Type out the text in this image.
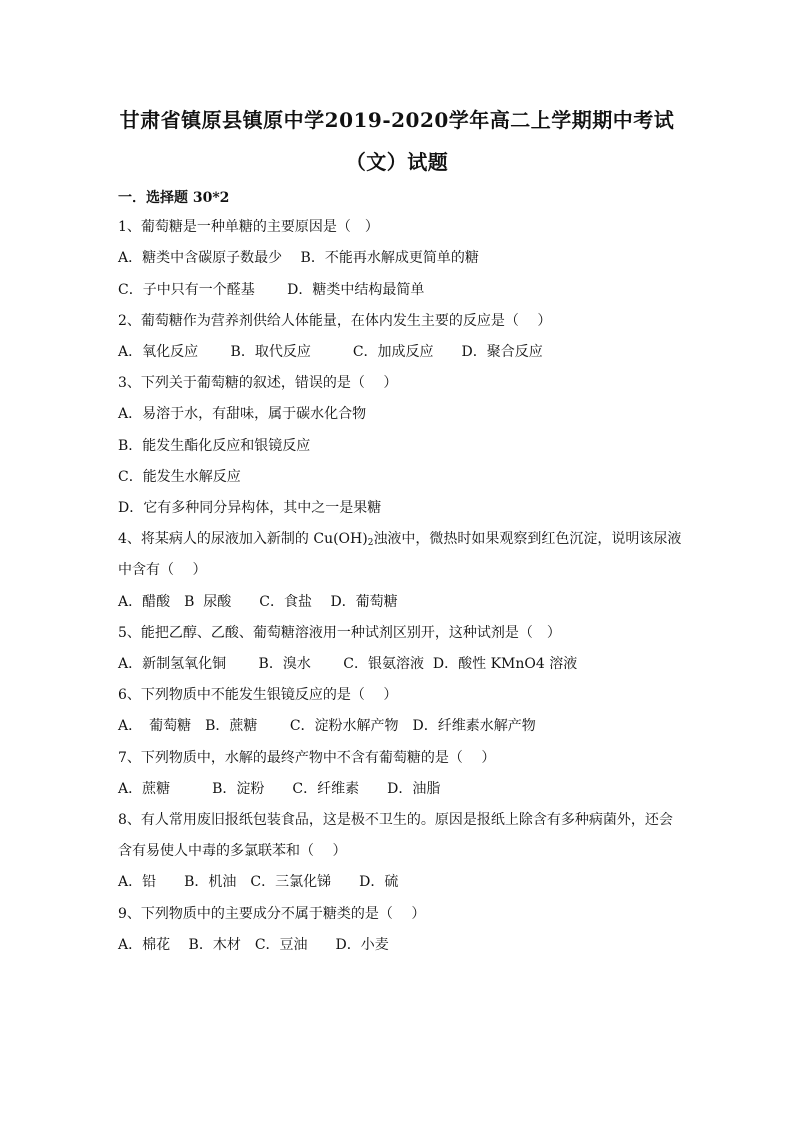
甘肃省镇原县镇原中学2019-2020学年高二上学期期中考试
（文）试题
一．选择题 30*2
1、葡萄糖是一种单糖的主要原因是（　）
A．糖类中含碳原子数最少　 B．不能再水解成更简单的糖
C．子中只有一个醛基　　 D．糖类中结构最简单
2、葡萄糖作为营养剂供给人体能量，在体内发生主要的反应是（　 ）
A．氧化反应　　 B．取代反应　　　C．加成反应　　D．聚合反应
3、下列关于葡萄糖的叙述，错误的是（　 ）
A．易溶于水，有甜味，属于碳水化合物
B．能发生酯化反应和银镜反应
C．能发生水解反应
D．它有多种同分异构体，其中之一是果糖
4、将某病人的尿液加入新制的 $Cu(OH)_2$浊液中，微热时如果观察到红色沉淀，说明该尿液
中含有（　 ）
A．醋酸　B  尿酸　　C．食盐　 D．葡萄糖
5、能把乙醇、乙酸、葡萄糖溶液用一种试剂区别开，这种试剂是（　）
A．新制氢氧化铜　　 B．溴水　　 C．银氨溶液  D．酸性 KMnO4 溶液
6、下列物质中不能发生银镜反应的是（　 ）
A．　葡萄糖　B．蔗糖　　 C．淀粉水解产物　D．纤维素水解产物
7、下列物质中，水解的最终产物中不含有葡萄糖的是（　 ）
A．蔗糖　　　B．淀粉　　C．纤维素　　D．油脂
8、有人常用废旧报纸包装食品，这是极不卫生的。原因是报纸上除含有多种病菌外，还会
含有易使人中毒的多氯联苯和（　 ）
A．铅　　B．机油　C．三氯化锑　　D．硫
9、下列物质中的主要成分不属于糖类的是（　 ）
A．棉花　 B．木材　C．豆油　　D．小麦
